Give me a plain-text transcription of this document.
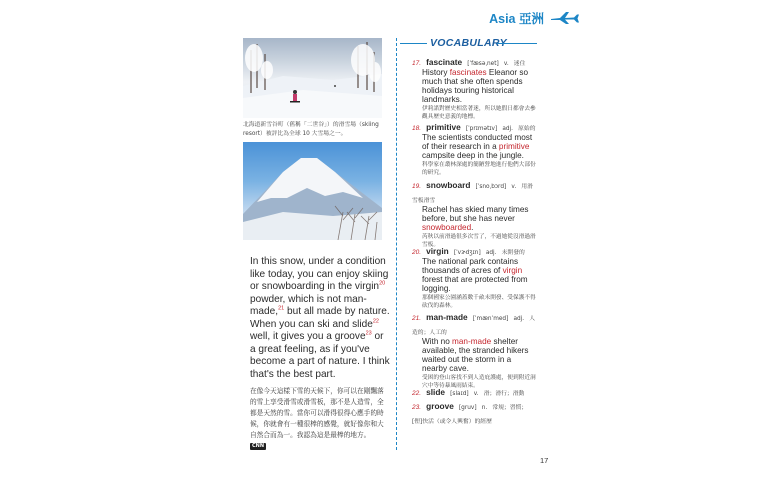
Asia 亞洲
北海道新雪谷町（舊稱「二世谷」）的滑雪場（skiing resort）被評比為全球 10 大雪場之一。
In this snow, under a condition like today, you can enjoy skiing or snowboarding in the virgin$^{20}$ powder, which is not man-made,$^{21}$ but all made by nature. When you can ski and slide$^{22}$ well, it gives you a groove$^{23}$ or a great feeling, as if you've become a part of nature. I think that's the best part.
在像今天這樣下雪的天候下，你可以在剛飄落的雪上享受滑雪或滑雪板，那不是人造雪，全都是天然的雪。當你可以滑得很得心應手的時候，你就會有一種很棒的感覺，就好像你和大自然合而為一。我認為這是最棒的地方。 CNN
VOCABULARY
17. fascinate [ˈfæsəˌnet] v. 迷住
History fascinates Eleanor so much that she often spends holidays touring historical landmarks.
伊莉諾對歷史相當著迷，所以她假日都會去參觀具歷史意義的地標。
18. primitive [ˈprɪmətɪv] adj. 原始的
The scientists conducted most of their research in a primitive campsite deep in the jungle.
科學家在叢林深處的簡陋營地進行他們大部份的研究。
19. snowboard [ˈsnoˌbɔrd] v. 用滑雪板滑雪
Rachel has skied many times before, but she has never snowboarded.
芮秋以前滑過很多次雪了，不過她從沒滑過滑雪板。
20. virgin [ˈvɝdʒɪn] adj. 未開發的
The national park contains thousands of acres of virgin forest that are protected from logging.
那個國家公園涵蓋數千畝未開發、受保護不得砍伐的森林。
21. man-made [ˈmænˈmed] adj. 人造的；人工的
With no man-made shelter available, the stranded hikers waited out the storm in a nearby cave.
受困的登山客找不到人造庇護處，便到附近洞穴中等待暴風雨結束。
22. slide [slaɪd] v. 滑；滑行；滑動
23. groove [gruv] n. 常規；習慣；[俚]快活（或令人興奮）的經歷
17
